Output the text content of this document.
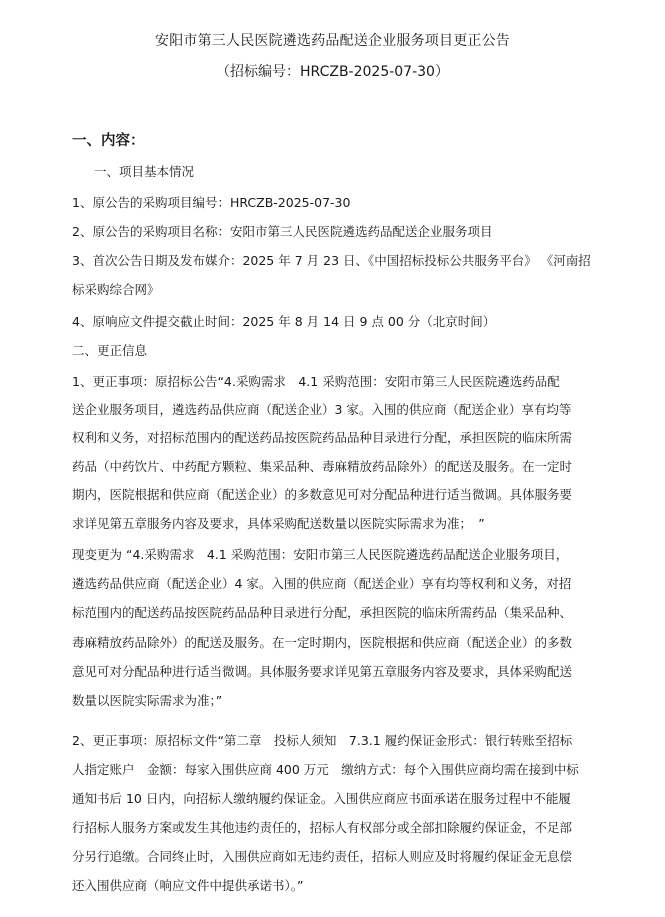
安阳市第三人民医院遴选药品配送企业服务项目更正公告
（招标编号：HRCZB-2025-07-30）
一、内容：
一、项目基本情况
1、原公告的采购项目编号：HRCZB-2025-07-30
2、原公告的采购项目名称：安阳市第三人民医院遴选药品配送企业服务项目
3、首次公告日期及发布媒介：2025 年 7 月 23 日、《中国招标投标公共服务平台》 《河南招
标采购综合网》
4、原响应文件提交截止时间：2025 年 8 月 14 日 9 点 00 分（北京时间）
二、更正信息
1、更正事项：原招标公告“4.采购需求　4.1 采购范围：安阳市第三人民医院遴选药品配
送企业服务项目，遴选药品供应商（配送企业）3 家。入围的供应商（配送企业）享有均等
权利和义务，对招标范围内的配送药品按医院药品品种目录进行分配，承担医院的临床所需
药品（中药饮片、中药配方颗粒、集采品种、毒麻精放药品除外）的配送及服务。在一定时
期内，医院根据和供应商（配送企业）的多数意见可对分配品种进行适当微调。具体服务要
求详见第五章服务内容及要求，具体采购配送数量以医院实际需求为准；　”
现变更为 “4.采购需求　4.1 采购范围：安阳市第三人民医院遴选药品配送企业服务项目，
遴选药品供应商（配送企业）4 家。入围的供应商（配送企业）享有均等权利和义务，对招
标范围内的配送药品按医院药品品种目录进行分配，承担医院的临床所需药品（集采品种、
毒麻精放药品除外）的配送及服务。在一定时期内，医院根据和供应商（配送企业）的多数
意见可对分配品种进行适当微调。具体服务要求详见第五章服务内容及要求，具体采购配送
数量以医院实际需求为准；”
2、更正事项：原招标文件“第二章　投标人须知　7.3.1 履约保证金形式：银行转账至招标
人指定账户　金额：每家入围供应商 400 万元　缴纳方式：每个入围供应商均需在接到中标
通知书后 10 日内，向招标人缴纳履约保证金。入围供应商应书面承诺在服务过程中不能履
行招标人服务方案或发生其他违约责任的，招标人有权部分或全部扣除履约保证金，不足部
分另行追缴。合同终止时，入围供应商如无违约责任，招标人则应及时将履约保证金无息偿
还入围供应商（响应文件中提供承诺书）。”
